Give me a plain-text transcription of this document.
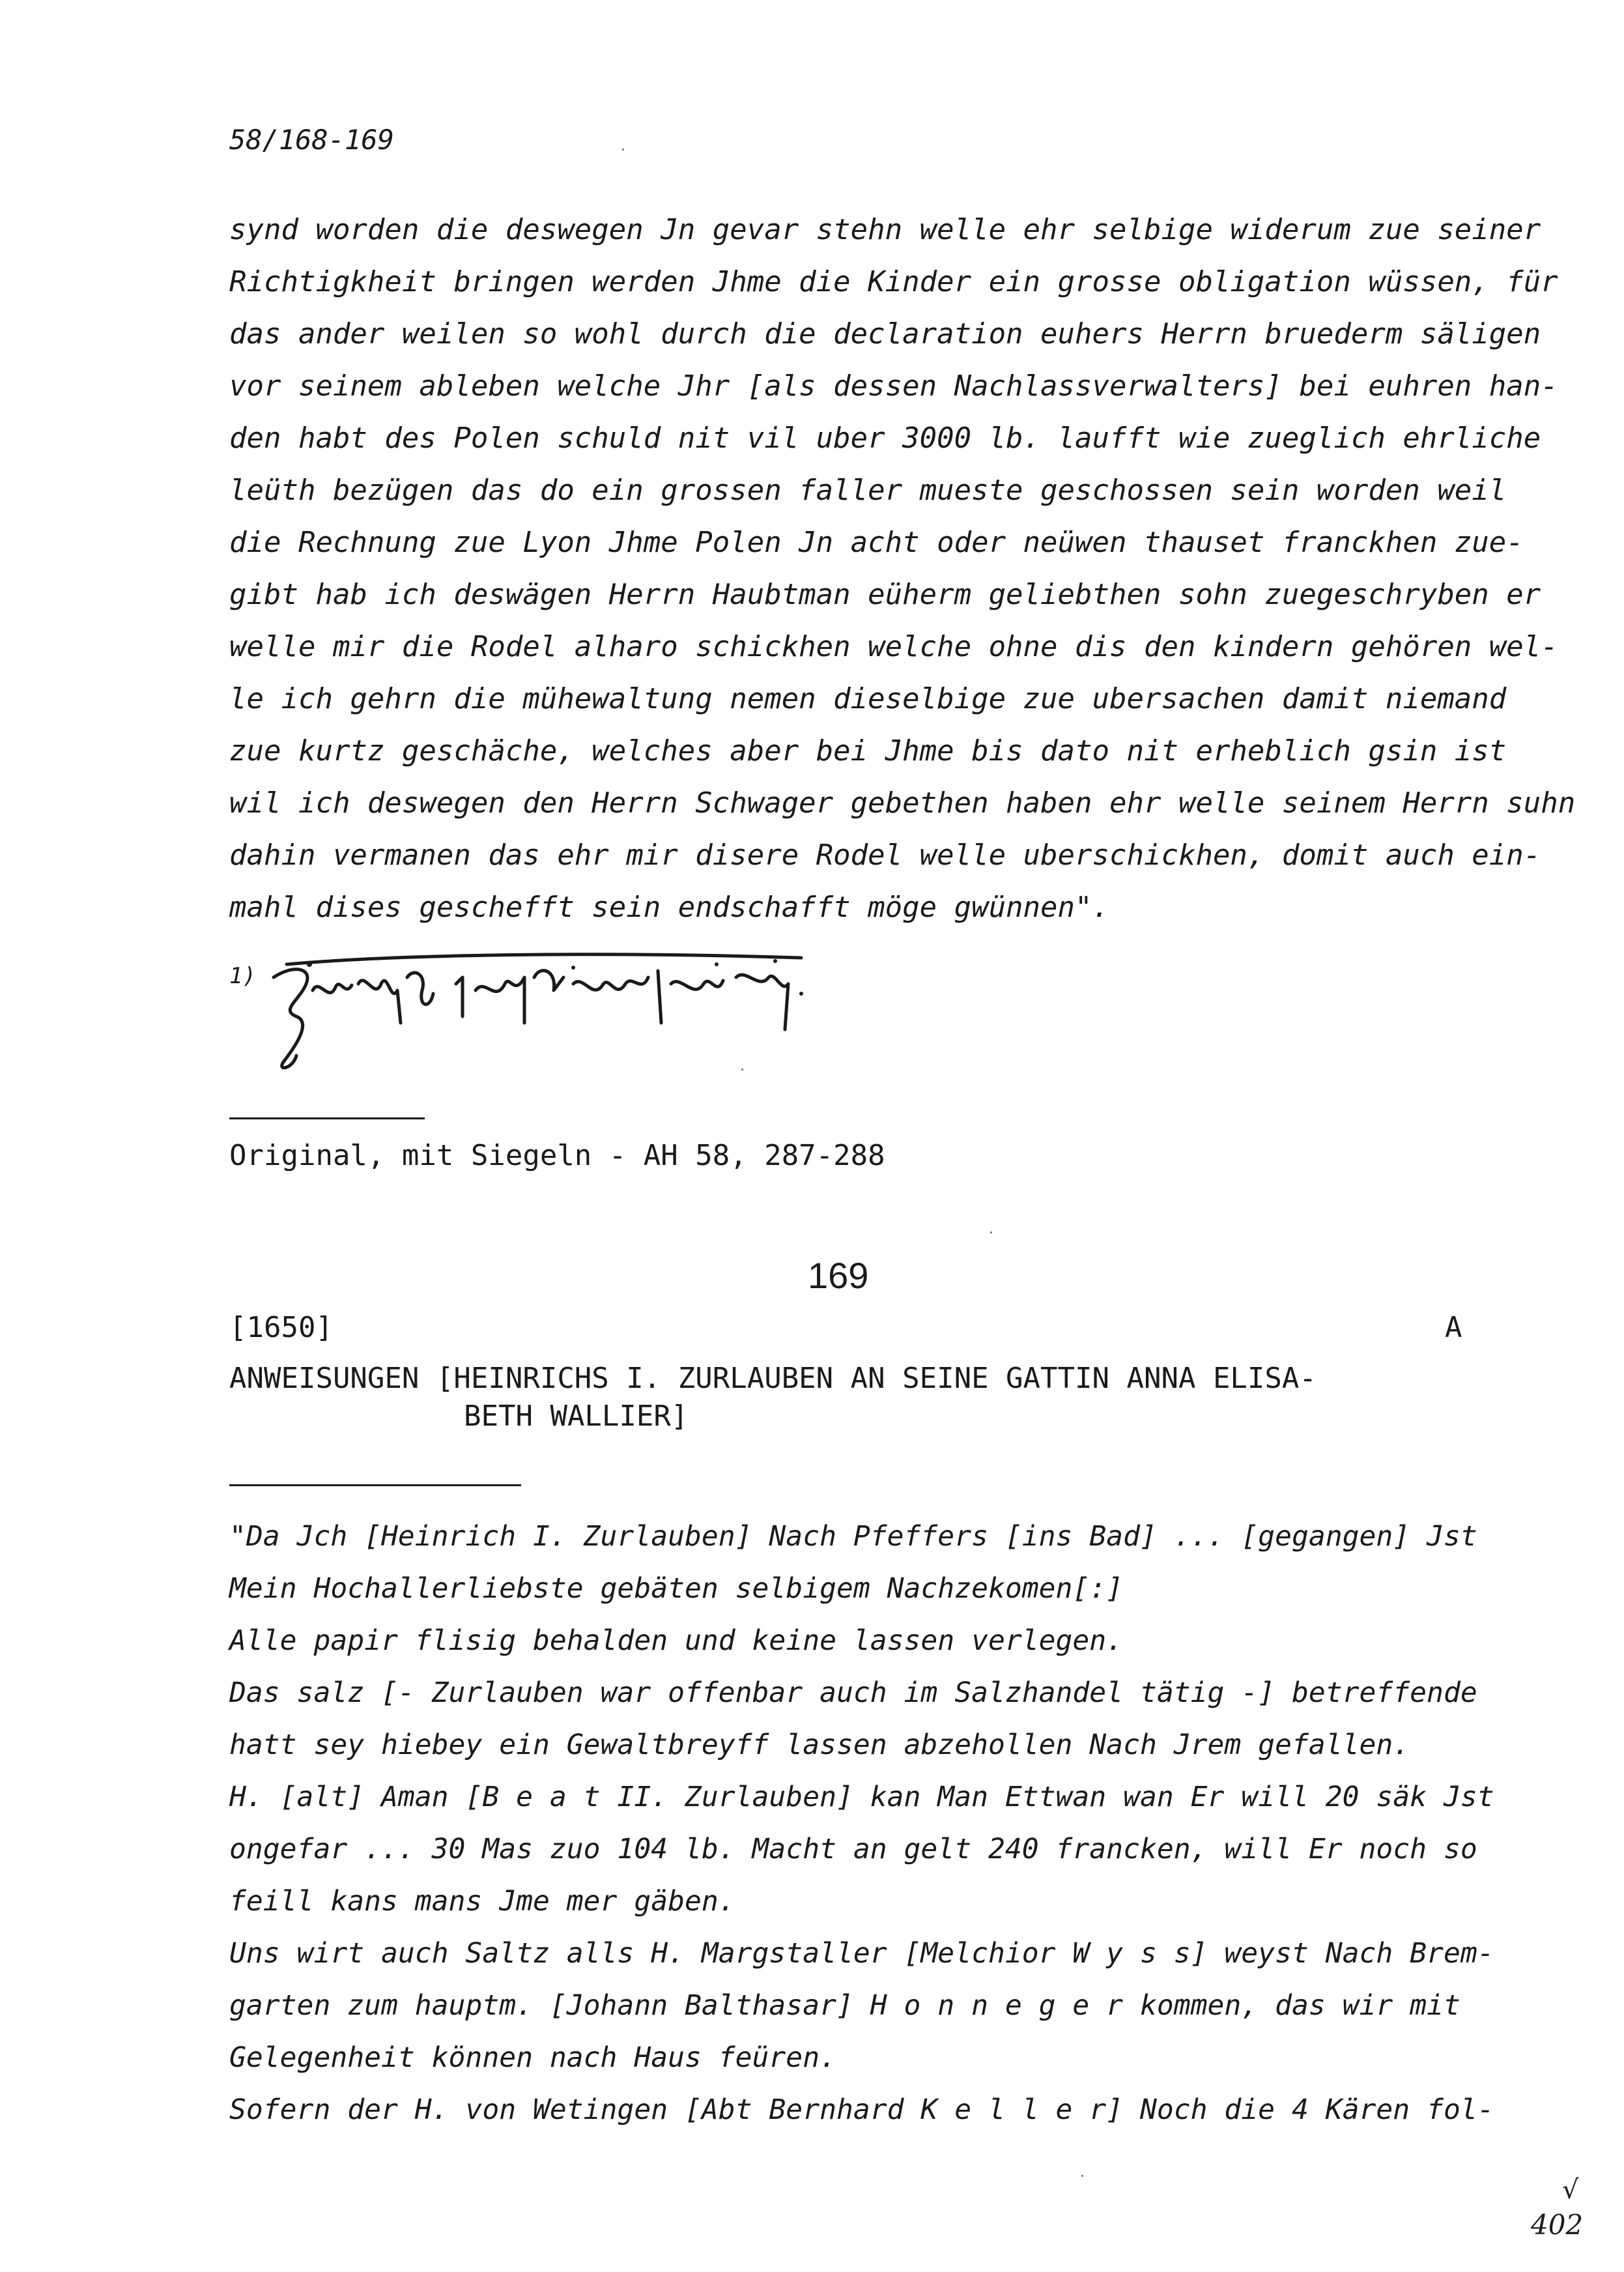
58/168-169
synd worden die deswegen Jn gevar stehn welle ehr selbige widerum zue seiner
Richtigkheit bringen werden Jhme die Kinder ein grosse obligation wüssen, für
das ander weilen so wohl durch die declaration euhers Herrn bruederm säligen
vor seinem ableben welche Jhr [als dessen Nachlassverwalters] bei euhren han-
den habt des Polen schuld nit vil uber 3000 lb. laufft wie zueglich ehrliche
leüth bezügen das do ein grossen faller mueste geschossen sein worden weil
die Rechnung zue Lyon Jhme Polen Jn acht oder neüwen thauset franckhen zue-
gibt hab ich deswägen Herrn Haubtman eüherm geliebthen sohn zuegeschryben er
welle mir die Rodel alharo schickhen welche ohne dis den kindern gehören wel-
le ich gehrn die mühewaltung nemen dieselbige zue ubersachen damit niemand
zue kurtz geschäche, welches aber bei Jhme bis dato nit erheblich gsin ist
wil ich deswegen den Herrn Schwager gebethen haben ehr welle seinem Herrn suhn
dahin vermanen das ehr mir disere Rodel welle uberschickhen, domit auch ein-
mahl dises geschefft sein endschafft möge gwünnen".
1)
Original, mit Siegeln - AH 58, 287-288
169
[1650]	A
ANWEISUNGEN [HEINRICHS I. ZURLAUBEN AN SEINE GATTIN ANNA ELISA-
BETH WALLIER]
"Da Jch [Heinrich I. Zurlauben] Nach Pfeffers [ins Bad] ... [gegangen] Jst
Mein Hochallerliebste gebäten selbigem Nachzekomen[:]
Alle papir flisig behalden und keine lassen verlegen.
Das salz [- Zurlauben war offenbar auch im Salzhandel tätig -] betreffende
hatt sey hiebey ein Gewaltbreyff lassen abzehollen Nach Jrem gefallen.
H. [alt] Aman [B e a t II. Zurlauben] kan Man Ettwan wan Er will 20 säk Jst
ongefar ... 30 Mas zuo 104 lb. Macht an gelt 240 francken, will Er noch so
feill kans mans Jme mer gäben.
Uns wirt auch Saltz alls H. Margstaller [Melchior W y s s] weyst Nach Brem-
garten zum hauptm. [Johann Balthasar] H o n n e g e r kommen, das wir mit
Gelegenheit können nach Haus feüren.
Sofern der H. von Wetingen [Abt Bernhard K e l l e r] Noch die 4 Kären fol-
√
402
